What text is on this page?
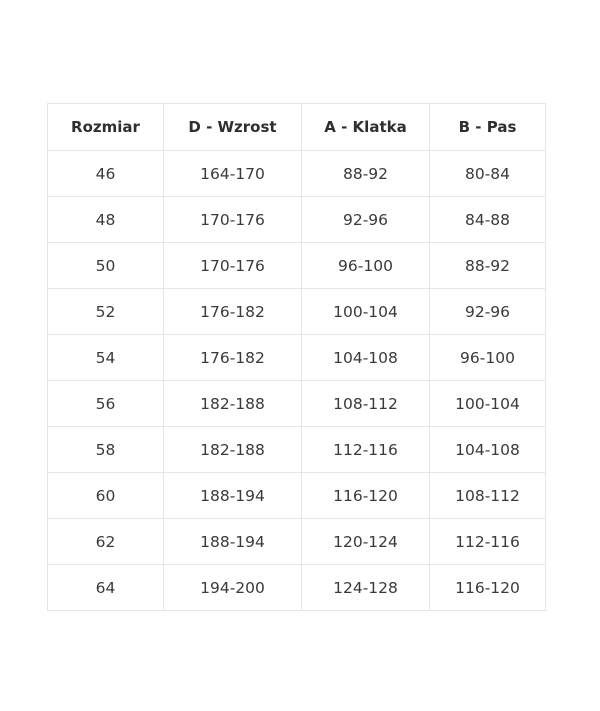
Rozmiar	D - Wzrost	A - Klatka	B - Pas
46	164-170	88-92	80-84
48	170-176	92-96	84-88
50	170-176	96-100	88-92
52	176-182	100-104	92-96
54	176-182	104-108	96-100
56	182-188	108-112	100-104
58	182-188	112-116	104-108
60	188-194	116-120	108-112
62	188-194	120-124	112-116
64	194-200	124-128	116-120
